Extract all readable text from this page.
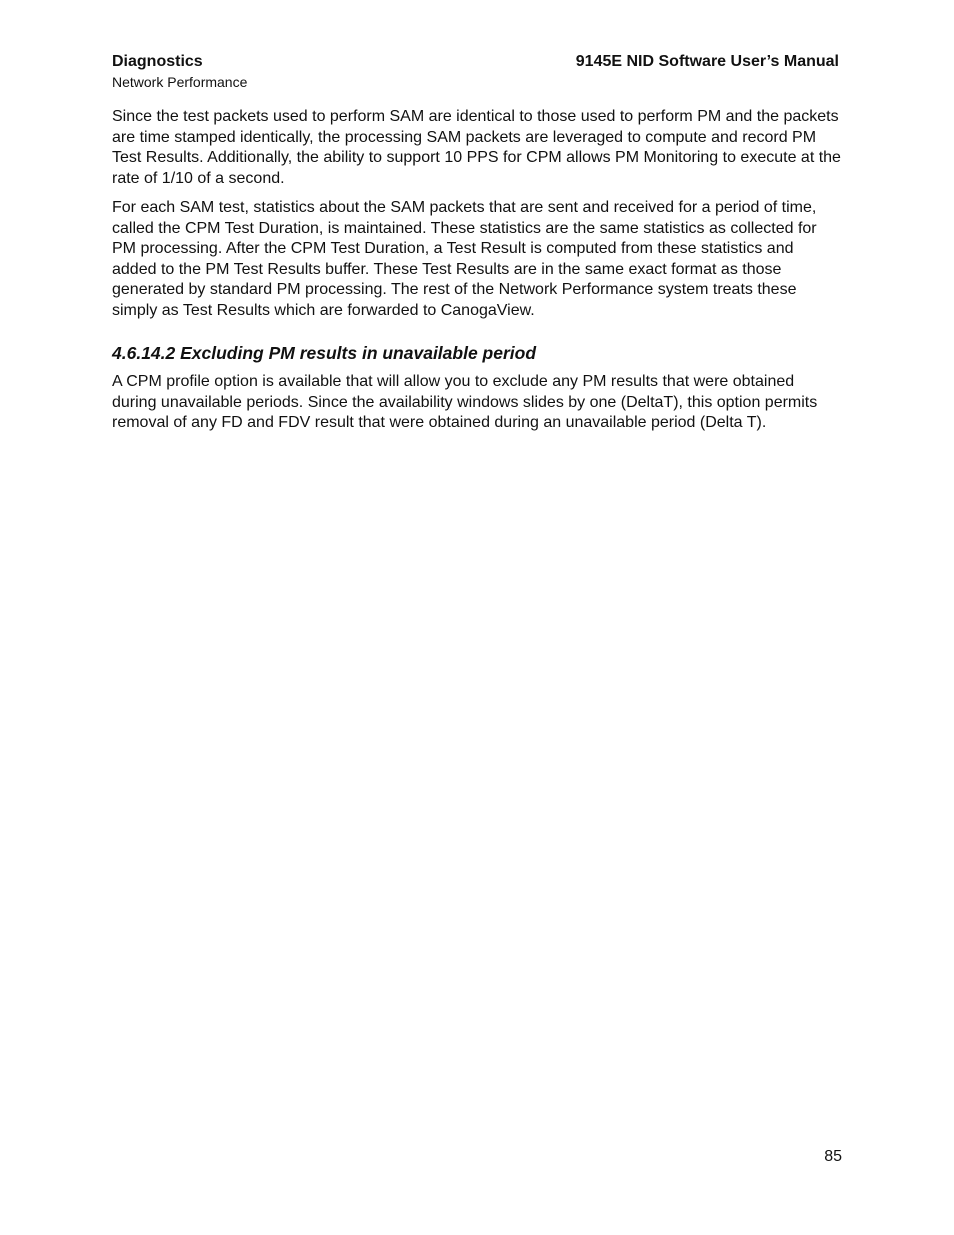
Diagnostics
Network Performance
9145E NID Software User’s Manual

Since the test packets used to perform SAM are identical to those used to perform PM and the packets are time stamped identically, the processing SAM packets are leveraged to compute and record PM Test Results. Additionally, the ability to support 10 PPS for CPM allows PM Monitoring to execute at the rate of 1/10 of a second.

For each SAM test, statistics about the SAM packets that are sent and received for a period of time, called the CPM Test Duration, is maintained. These statistics are the same statistics as collected for PM processing. After the CPM Test Duration, a Test Result is computed from these statistics and added to the PM Test Results buffer. These Test Results are in the same exact format as those generated by standard PM processing. The rest of the Network Performance system treats these simply as Test Results which are forwarded to CanogaView.

4.6.14.2 Excluding PM results in unavailable period

A CPM profile option is available that will allow you to exclude any PM results that were obtained during unavailable periods. Since the availability windows slides by one (DeltaT), this option permits removal of any FD and FDV result that were obtained during an unavailable period (Delta T).

85
